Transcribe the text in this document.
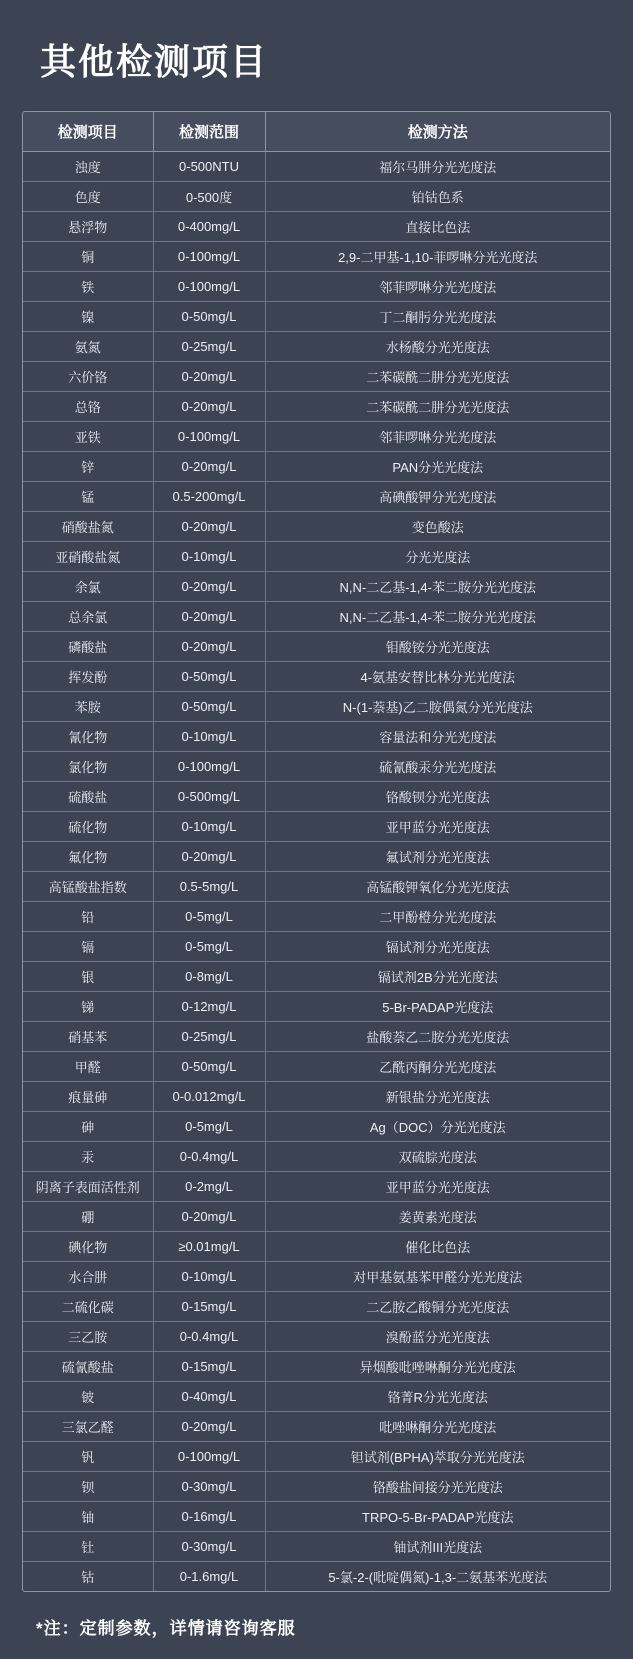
其他检测项目
检测项目	检测范围	检测方法
浊度	0-500NTU	福尔马肼分光光度法
色度	0-500度	铂钴色系
悬浮物	0-400mg/L	直接比色法
铜	0-100mg/L	2,9-二甲基-1,10-菲啰啉分光光度法
铁	0-100mg/L	邻菲啰啉分光光度法
镍	0-50mg/L	丁二酮肟分光光度法
氨氮	0-25mg/L	水杨酸分光光度法
六价铬	0-20mg/L	二苯碳酰二肼分光光度法
总铬	0-20mg/L	二苯碳酰二肼分光光度法
亚铁	0-100mg/L	邻菲啰啉分光光度法
锌	0-20mg/L	PAN分光光度法
锰	0.5-200mg/L	高碘酸钾分光光度法
硝酸盐氮	0-20mg/L	变色酸法
亚硝酸盐氮	0-10mg/L	分光光度法
余氯	0-20mg/L	N,N-二乙基-1,4-苯二胺分光光度法
总余氯	0-20mg/L	N,N-二乙基-1,4-苯二胺分光光度法
磷酸盐	0-20mg/L	钼酸铵分光光度法
挥发酚	0-50mg/L	4-氨基安替比林分光光度法
苯胺	0-50mg/L	N-(1-萘基)乙二胺偶氮分光光度法
氰化物	0-10mg/L	容量法和分光光度法
氯化物	0-100mg/L	硫氰酸汞分光光度法
硫酸盐	0-500mg/L	铬酸钡分光光度法
硫化物	0-10mg/L	亚甲蓝分光光度法
氟化物	0-20mg/L	氟试剂分光光度法
高锰酸盐指数	0.5-5mg/L	高锰酸钾氧化分光光度法
铅	0-5mg/L	二甲酚橙分光光度法
镉	0-5mg/L	镉试剂分光光度法
银	0-8mg/L	镉试剂2B分光光度法
锑	0-12mg/L	5-Br-PADAP光度法
硝基苯	0-25mg/L	盐酸萘乙二胺分光光度法
甲醛	0-50mg/L	乙酰丙酮分光光度法
痕量砷	0-0.012mg/L	新银盐分光光度法
砷	0-5mg/L	Ag（DOC）分光光度法
汞	0-0.4mg/L	双硫腙光度法
阴离子表面活性剂	0-2mg/L	亚甲蓝分光光度法
硼	0-20mg/L	姜黄素光度法
碘化物	≥0.01mg/L	催化比色法
水合肼	0-10mg/L	对甲基氨基苯甲醛分光光度法
二硫化碳	0-15mg/L	二乙胺乙酸铜分光光度法
三乙胺	0-0.4mg/L	溴酚蓝分光光度法
硫氰酸盐	0-15mg/L	异烟酸吡唑啉酮分光光度法
铍	0-40mg/L	铬菁R分光光度法
三氯乙醛	0-20mg/L	吡唑啉酮分光光度法
钒	0-100mg/L	钽试剂(BPHA)萃取分光光度法
钡	0-30mg/L	铬酸盐间接分光光度法
铀	0-16mg/L	TRPO-5-Br-PADAP光度法
钍	0-30mg/L	铀试剂III光度法
钴	0-1.6mg/L	5-氯-2-(吡啶偶氮)-1,3-二氨基苯光度法
*注：定制参数，详情请咨询客服
